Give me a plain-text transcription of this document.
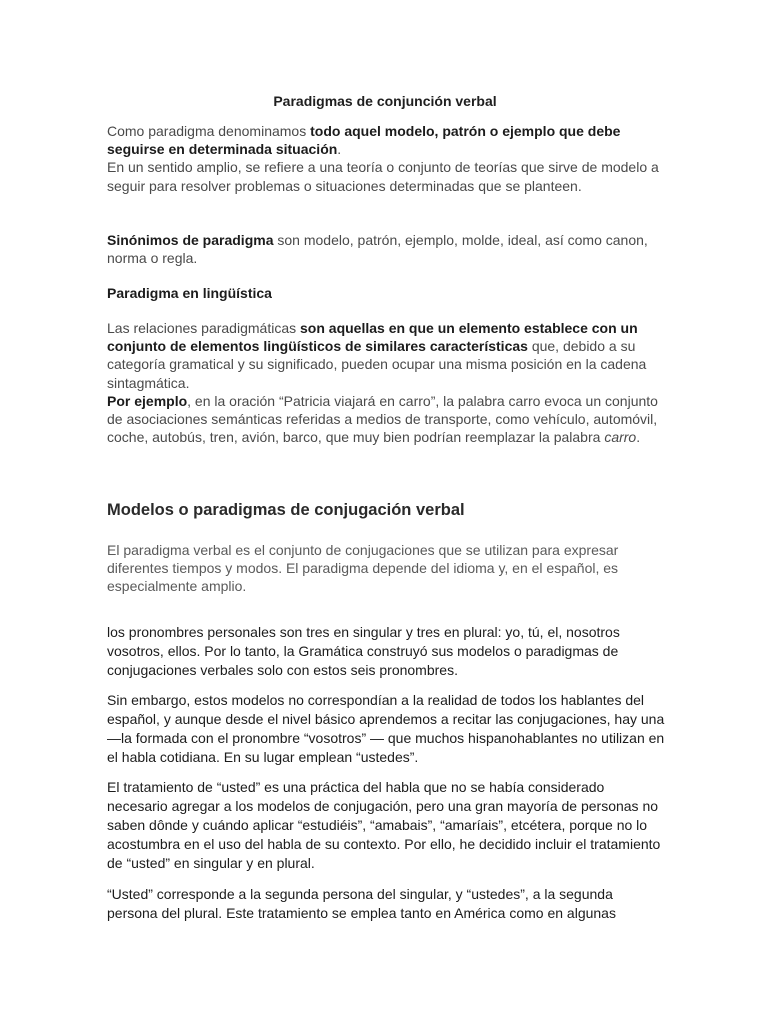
Paradigmas de conjunción verbal

Como paradigma denominamos todo aquel modelo, patrón o ejemplo que debe seguirse en determinada situación.
En un sentido amplio, se refiere a una teoría o conjunto de teorías que sirve de modelo a seguir para resolver problemas o situaciones determinadas que se planteen.

Sinónimos de paradigma son modelo, patrón, ejemplo, molde, ideal, así como canon, norma o regla.

Paradigma en lingüística

Las relaciones paradigmáticas son aquellas en que un elemento establece con un conjunto de elementos lingüísticos de similares características que, debido a su categoría gramatical y su significado, pueden ocupar una misma posición en la cadena sintagmática.
Por ejemplo, en la oración “Patricia viajará en carro”, la palabra carro evoca un conjunto de asociaciones semánticas referidas a medios de transporte, como vehículo, automóvil, coche, autobús, tren, avión, barco, que muy bien podrían reemplazar la palabra carro.

Modelos o paradigmas de conjugación verbal

El paradigma verbal es el conjunto de conjugaciones que se utilizan para expresar diferentes tiempos y modos. El paradigma depende del idioma y, en el español, es especialmente amplio.

los pronombres personales son tres en singular y tres en plural: yo, tú, el, nosotros vosotros, ellos. Por lo tanto, la Gramática construyó sus modelos o paradigmas de conjugaciones verbales solo con estos seis pronombres.

Sin embargo, estos modelos no correspondían a la realidad de todos los hablantes del español, y aunque desde el nivel básico aprendemos a recitar las conjugaciones, hay una —la formada con el pronombre “vosotros” — que muchos hispanohablantes no utilizan en el habla cotidiana. En su lugar emplean “ustedes”.

El tratamiento de “usted” es una práctica del habla que no se había considerado necesario agregar a los modelos de conjugación, pero una gran mayoría de personas no saben dônde y cuándo aplicar “estudiéis”, “amabais”, “amaríais”, etcétera, porque no lo acostumbra en el uso del habla de su contexto. Por ello, he decidido incluir el tratamiento de “usted” en singular y en plural.

“Usted” corresponde a la segunda persona del singular, y “ustedes”, a la segunda persona del plural. Este tratamiento se emplea tanto en América como en algunas
